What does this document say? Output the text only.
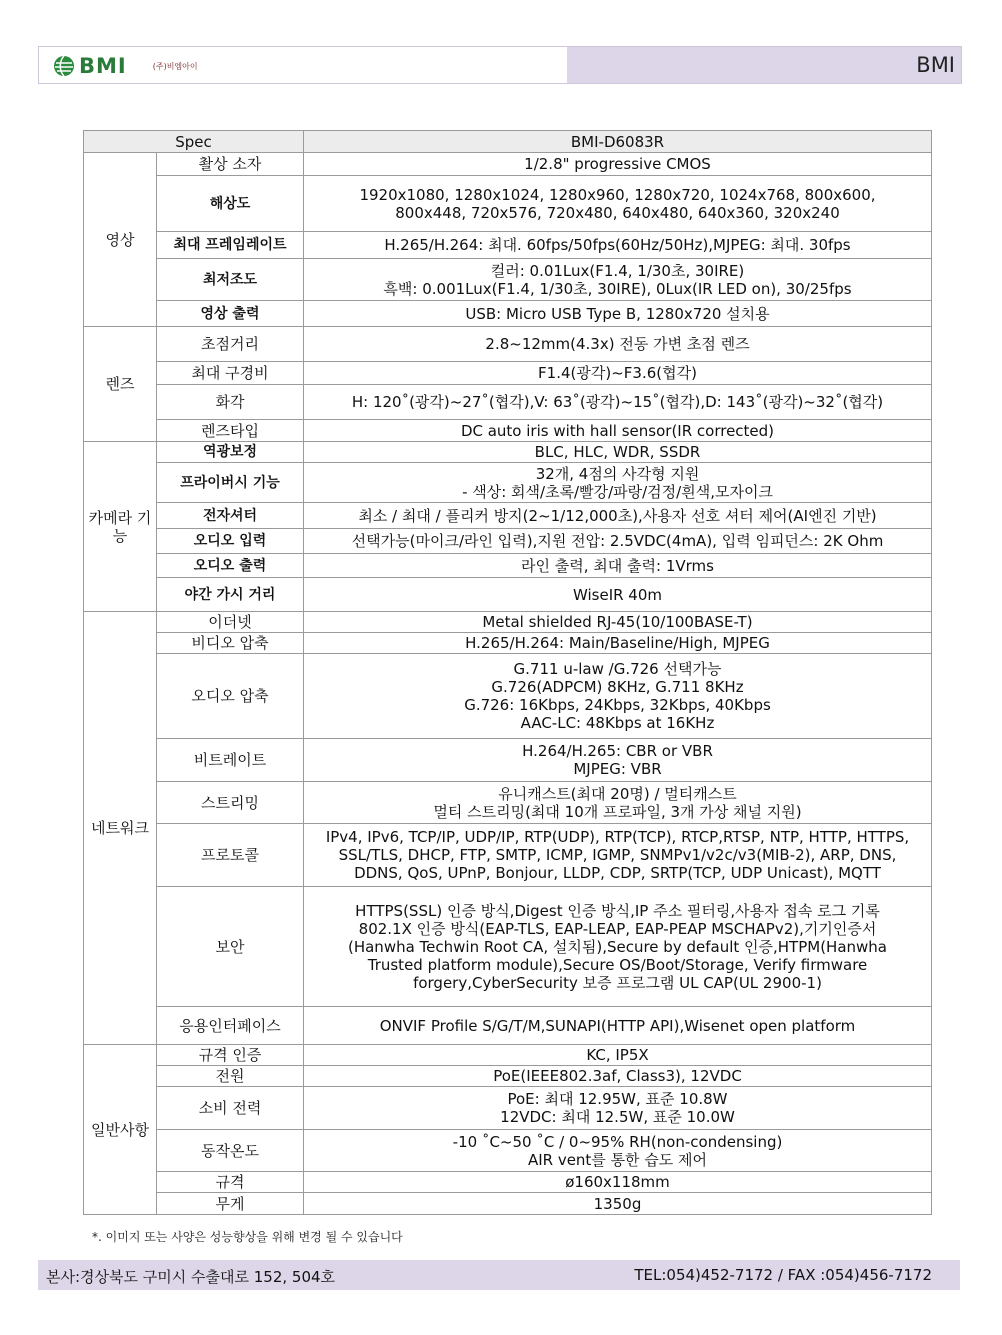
BMI	(주)비엠아이	BMI
Spec		BMI-D6083R
영상	촬상 소자	1/2.8" progressive CMOS

	해상도	1920x1080, 1280x1024, 1280x960, 1280x720, 1024x768, 800x600,
800x448, 720x576, 720x480, 640x480, 640x360, 320x240

	최대 프레임레이트	H.265/H.264: 최대. 60fps/50fps(60Hz/50Hz),MJPEG: 최대. 30fps

	최저조도	컬러: 0.01Lux(F1.4, 1/30초, 30IRE)
흑백: 0.001Lux(F1.4, 1/30초, 30IRE), 0Lux(IR LED on), 30/25fps

	영상 출력	USB: Micro USB Type B, 1280x720 설치용

렌즈	초점거리	2.8~12mm(4.3x) 전동 가변 초점 렌즈

	최대 구경비	F1.4(광각)~F3.6(협각)

	화각	H: 120˚(광각)~27˚(협각),V: 63˚(광각)~15˚(협각),D: 143˚(광각)~32˚(협각)

	렌즈타입	DC auto iris with hall sensor(IR corrected)

카메라 기능	역광보정	BLC, HLC, WDR, SSDR

	프라이버시 기능	32개, 4점의 사각형 지원
- 색상: 회색/초록/빨강/파랑/검정/흰색,모자이크

	전자셔터	최소 / 최대 / 플리커 방지(2~1/12,000초),사용자 선호 셔터 제어(AI엔진 기반)

	오디오 입력	선택가능(마이크/라인 입력),지원 전압: 2.5VDC(4mA), 입력 임피던스: 2K Ohm

	오디오 출력	라인 출력, 최대 출력: 1Vrms

	야간 가시 거리	WiseIR 40m

네트워크	이더넷	Metal shielded RJ-45(10/100BASE-T)

	비디오 압축	H.265/H.264: Main/Baseline/High, MJPEG

	오디오 압축	G.711 u-law /G.726 선택가능
G.726(ADPCM) 8KHz, G.711 8KHz
G.726: 16Kbps, 24Kbps, 32Kbps, 40Kbps
AAC-LC: 48Kbps at 16KHz

	비트레이트	H.264/H.265: CBR or VBR
MJPEG: VBR

	스트리밍	유니캐스트(최대 20명) / 멀티캐스트
멀티 스트리밍(최대 10개 프로파일, 3개 가상 채널 지원)

	프로토콜	IPv4, IPv6, TCP/IP, UDP/IP, RTP(UDP), RTP(TCP), RTCP,RTSP, NTP, HTTP, HTTPS,
SSL/TLS, DHCP, FTP, SMTP, ICMP, IGMP, SNMPv1/v2c/v3(MIB-2), ARP, DNS,
DDNS, QoS, UPnP, Bonjour, LLDP, CDP, SRTP(TCP, UDP Unicast), MQTT

	보안	HTTPS(SSL) 인증 방식,Digest 인증 방식,IP 주소 필터링,사용자 접속 로그 기록
802.1X 인증 방식(EAP-TLS, EAP-LEAP, EAP-PEAP MSCHAPv2),기기인증서
(Hanwha Techwin Root CA, 설치됨),Secure by default 인증,HTPM(Hanwha
Trusted platform module),Secure OS/Boot/Storage, Verify firmware
forgery,CyberSecurity 보증 프로그램 UL CAP(UL 2900-1)

	응용인터페이스	ONVIF Profile S/G/T/M,SUNAPI(HTTP API),Wisenet open platform

일반사항	규격 인증	KC, IP5X

	전원	PoE(IEEE802.3af, Class3), 12VDC

	소비 전력	PoE: 최대 12.95W, 표준 10.8W
12VDC: 최대 12.5W, 표준 10.0W

	동작온도	-10 ˚C~50 ˚C / 0~95% RH(non-condensing)
AIR vent를 통한 습도 제어

	규격	ø160x118mm

	무게	1350g
*. 이미지 또는 사양은 성능향상을 위해 변경 될 수 있습니다
본사:경상북도 구미시 수출대로 152, 504호	TEL:054)452-7172 / FAX :054)456-7172
